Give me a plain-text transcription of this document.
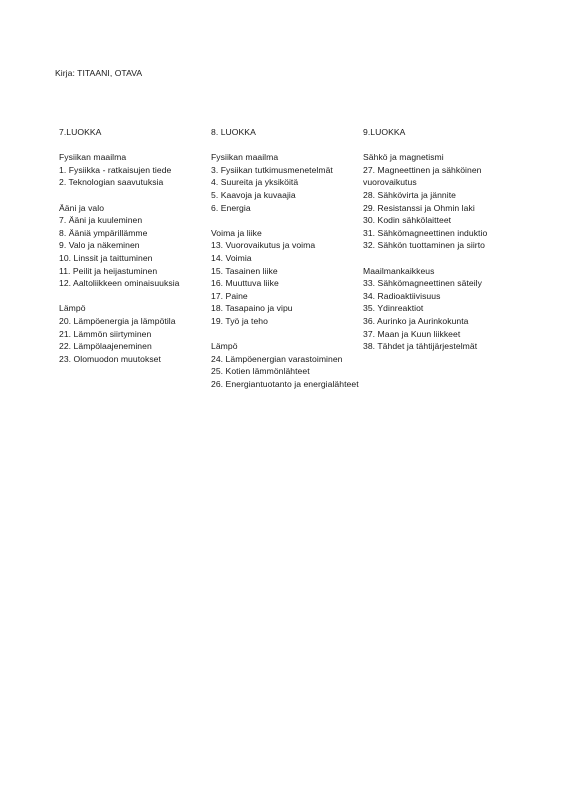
Kirja: TITAANI, OTAVA
7.LUOKKA
Fysiikan maailma
1. Fysiikka - ratkaisujen tiede
2. Teknologian saavutuksia
Ääni ja valo
7. Ääni ja kuuleminen
8. Ääniä ympärillämme
9. Valo ja näkeminen
10. Linssit ja taittuminen
11. Peilit ja heijastuminen
12. Aaltoliikkeen ominaisuuksia
Lämpö
20. Lämpöenergia ja lämpötila
21. Lämmön siirtyminen
22. Lämpölaajeneminen
23. Olomuodon muutokset
8. LUOKKA
Fysiikan maailma
3. Fysiikan tutkimusmenetelmät
4. Suureita ja yksiköitä
5. Kaavoja ja kuvaajia
6. Energia
Voima ja liike
13. Vuorovaikutus ja voima
14. Voimia
15. Tasainen liike
16. Muuttuva liike
17. Paine
18. Tasapaino ja vipu
19. Työ ja teho
Lämpö
24. Lämpöenergian varastoiminen
25. Kotien lämmönlähteet
26. Energiantuotanto ja energialähteet
9.LUOKKA
Sähkö ja magnetismi
27. Magneettinen ja sähköinen vuorovaikutus
28. Sähkövirta ja jännite
29. Resistanssi ja Ohmin laki
30. Kodin sähkölaitteet
31. Sähkömagneettinen induktio
32. Sähkön tuottaminen ja siirto
Maailmankaikkeus
33. Sähkömagneettinen säteily
34. Radioaktiivisuus
35. Ydinreaktiot
36. Aurinko ja Aurinkokunta
37. Maan ja Kuun liikkeet
38. Tähdet ja tähtijärjestelmät
